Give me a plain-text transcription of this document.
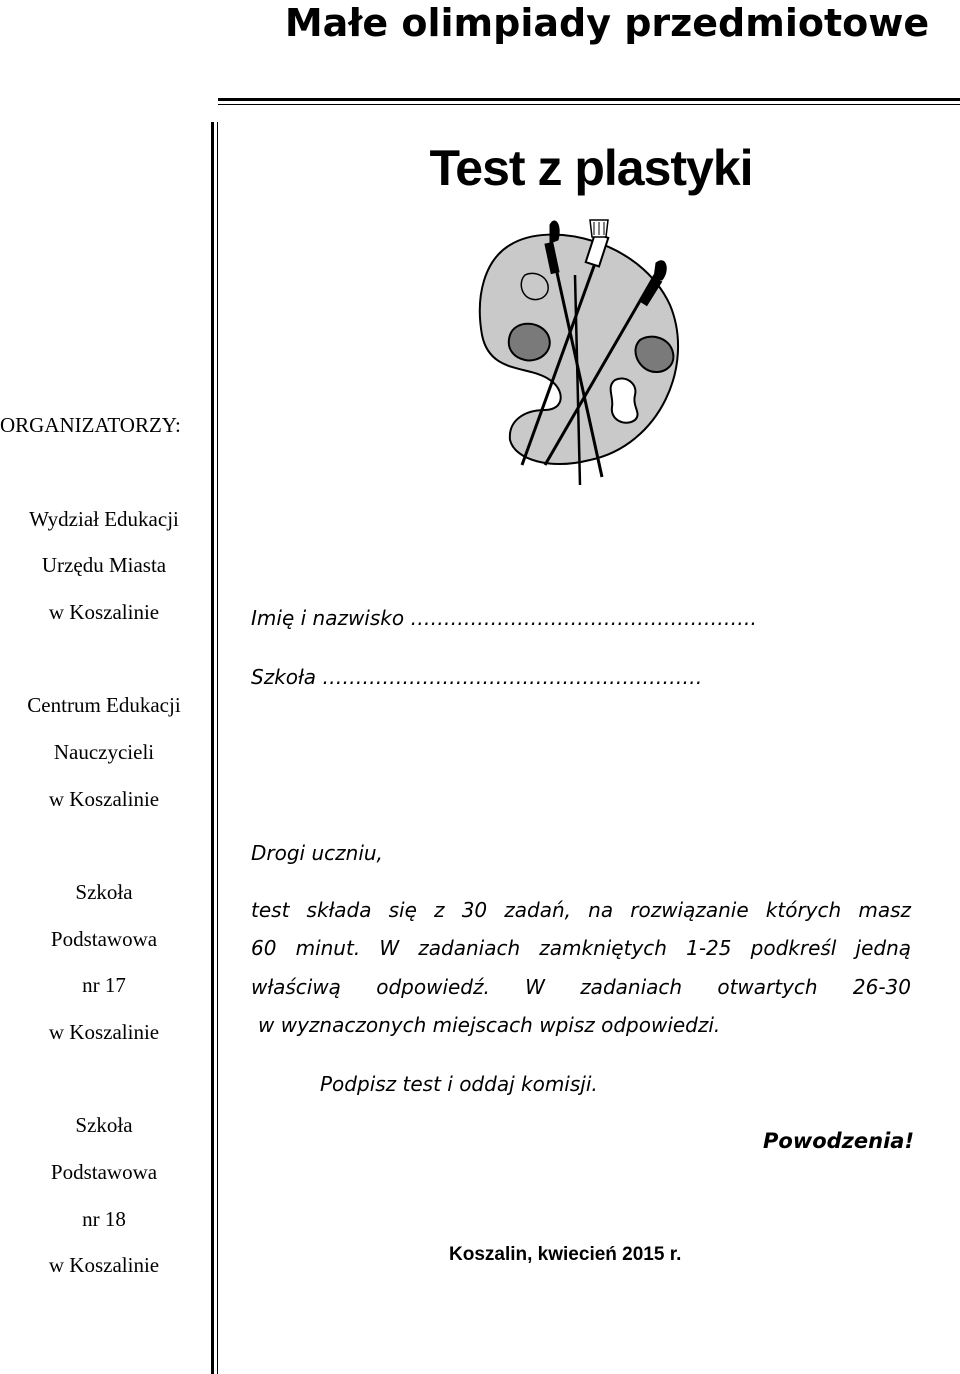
Małe olimpiady przedmiotowe
Test z plastyki
ORGANIZATORZY:
Wydział Edukacji
Urzędu Miasta
w Koszalinie
Centrum Edukacji
Nauczycieli
w Koszalinie
Szkoła
Podstawowa
nr 17
w Koszalinie
Szkoła
Podstawowa
nr 18
w Koszalinie
Imię i nazwisko …………………………………………….
Szkoła …………………………………………………
Drogi uczniu,
test składa się z 30 zadań, na rozwiązanie których masz
60 minut. W zadaniach zamkniętych 1-25 podkreśl jedną
właściwą odpowiedź. W zadaniach otwartych 26-30
w wyznaczonych miejscach wpisz odpowiedzi.
Podpisz test i oddaj komisji.
Powodzenia!
Koszalin, kwiecień 2015 r.
